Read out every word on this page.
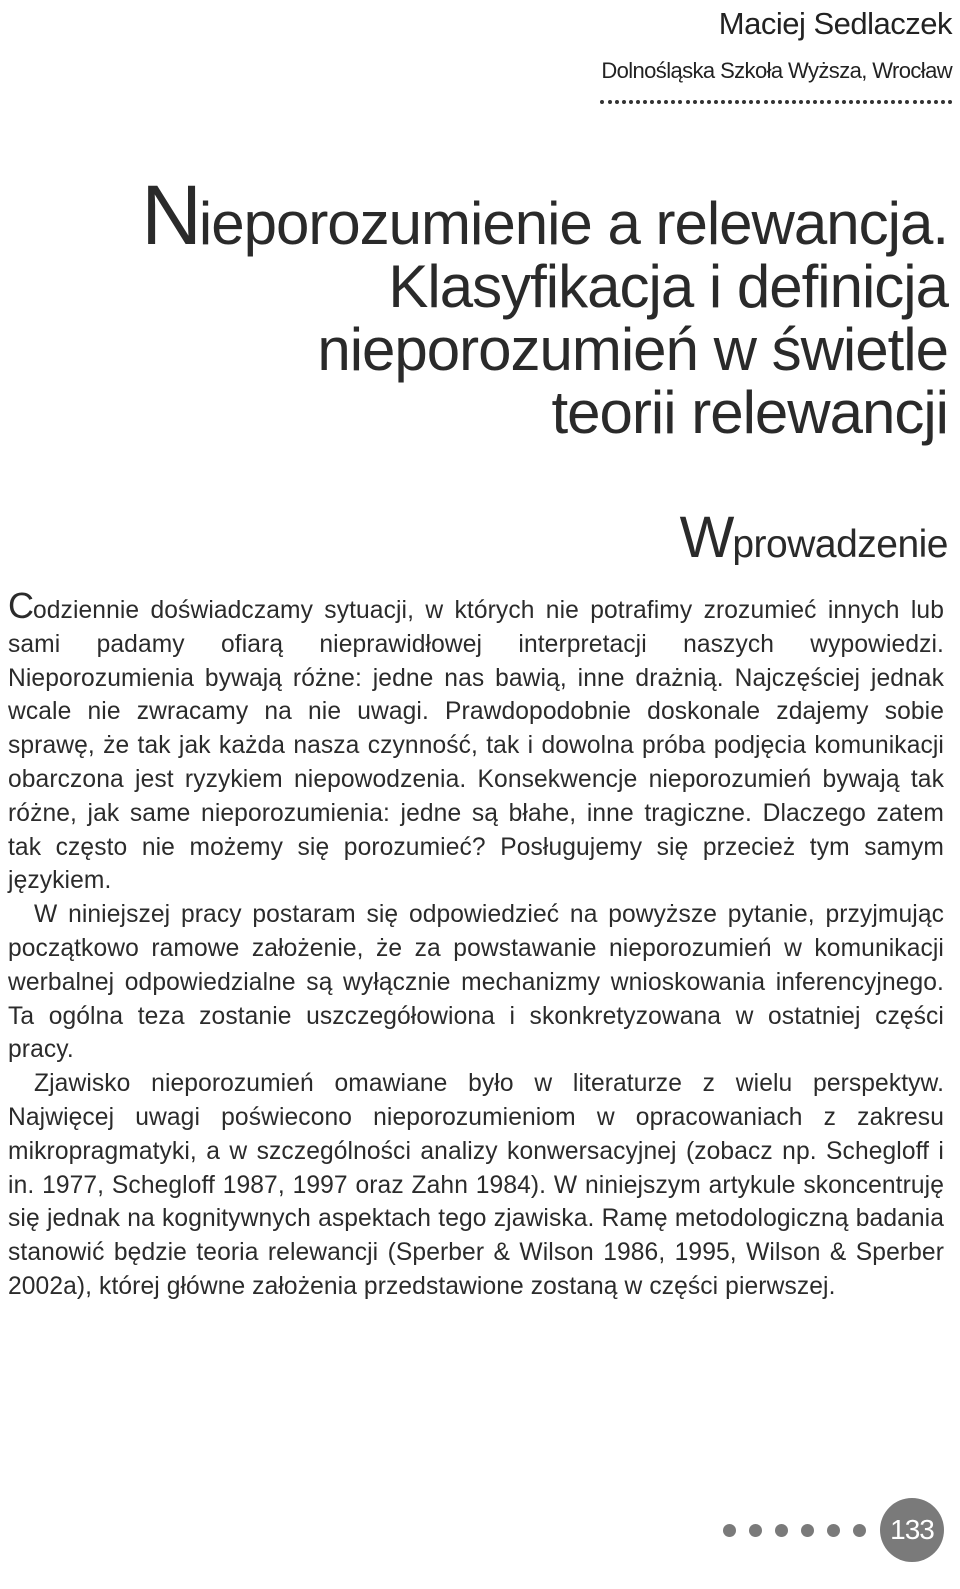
Maciej Sedlaczek
Dolnośląska Szkoła Wyższa, Wrocław
Nieporozumienie a relewancja.
Klasyfikacja i definicja
nieporozumień w świetle
teorii relewancji
Wprowadzenie

Codziennie doświadczamy sytuacji, w których nie potrafimy zrozumieć innych lub sami padamy ofiarą nieprawidłowej interpretacji naszych wypowiedzi. Nieporozumienia bywają różne: jedne nas bawią, inne drażnią. Najczęściej jednak wcale nie zwracamy na nie uwagi. Prawdopodobnie doskonale zdajemy sobie sprawę, że tak jak każda nasza czynność, tak i dowolna próba podjęcia komunikacji obarczona jest ryzykiem niepowodzenia. Konsekwencje nieporozumień bywają tak różne, jak same nieporozumienia: jedne są błahe, inne tragiczne. Dlaczego zatem tak często nie możemy się porozumieć? Posługujemy się przecież tym samym językiem.

W niniejszej pracy postaram się odpowiedzieć na powyższe pytanie, przyjmując początkowo ramowe założenie, że za powstawanie nieporozumień w komunikacji werbalnej odpowiedzialne są wyłącznie mechanizmy wnioskowania inferencyjnego. Ta ogólna teza zostanie uszczegółowiona i skonkretyzowana w ostatniej części pracy.

Zjawisko nieporozumień omawiane było w literaturze z wielu perspektyw. Najwięcej uwagi poświecono nieporozumieniom w opracowaniach z zakresu mikropragmatyki, a w szczególności analizy konwersacyjnej (zobacz np. Schegloff i in. 1977, Schegloff 1987, 1997 oraz Zahn 1984). W niniejszym artykule skoncentruję się jednak na kognitywnych aspektach tego zjawiska. Ramę metodologiczną badania stanowić będzie teoria relewancji (Sperber & Wilson 1986, 1995, Wilson & Sperber 2002a), której główne założenia przedstawione zostaną w części pierwszej.

133
